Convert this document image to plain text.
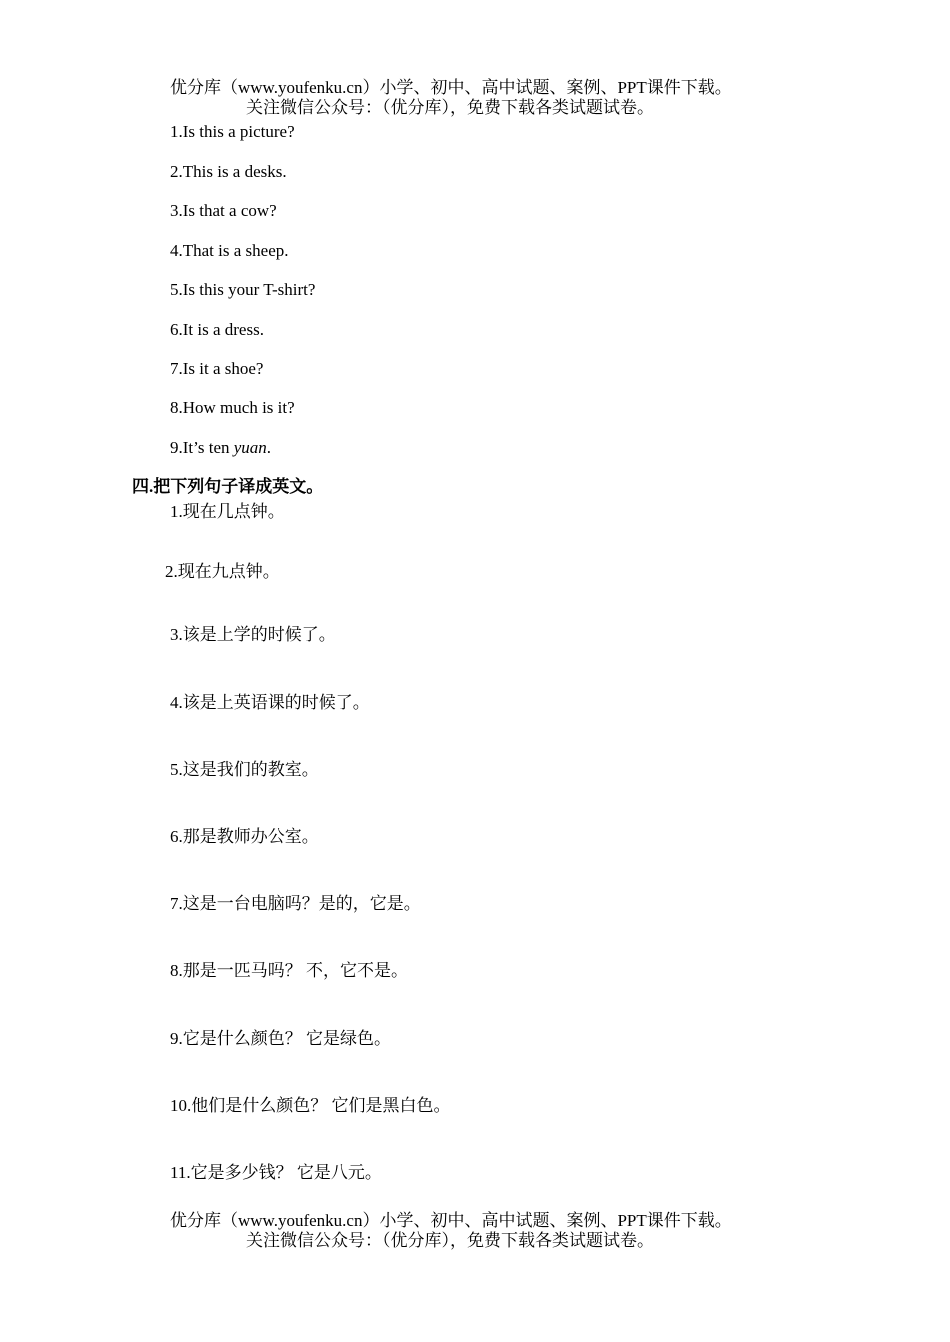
优分库（www.youfenku.cn）小学、初中、高中试题、案例、PPT课件下载。
关注微信公众号：（优分库），免费下载各类试题试卷。
1.Is this a picture?
2.This is a desks.
3.Is that a cow?
4.That is a sheep.
5.Is this your T-shirt?
6.It is a dress.
7.Is it a shoe?
8.How much is it?
9.It’s ten yuan.
四.把下列句子译成英文。
1.现在几点钟。
2.现在九点钟。
3.该是上学的时候了。
4.该是上英语课的时候了。
5.这是我们的教室。
6.那是教师办公室。
7.这是一台电脑吗？是的，它是。
8.那是一匹马吗？ 不，它不是。
9.它是什么颜色？ 它是绿色。
10.他们是什么颜色？ 它们是黑白色。
11.它是多少钱？ 它是八元。
优分库（www.youfenku.cn）小学、初中、高中试题、案例、PPT课件下载。
关注微信公众号：（优分库），免费下载各类试题试卷。
